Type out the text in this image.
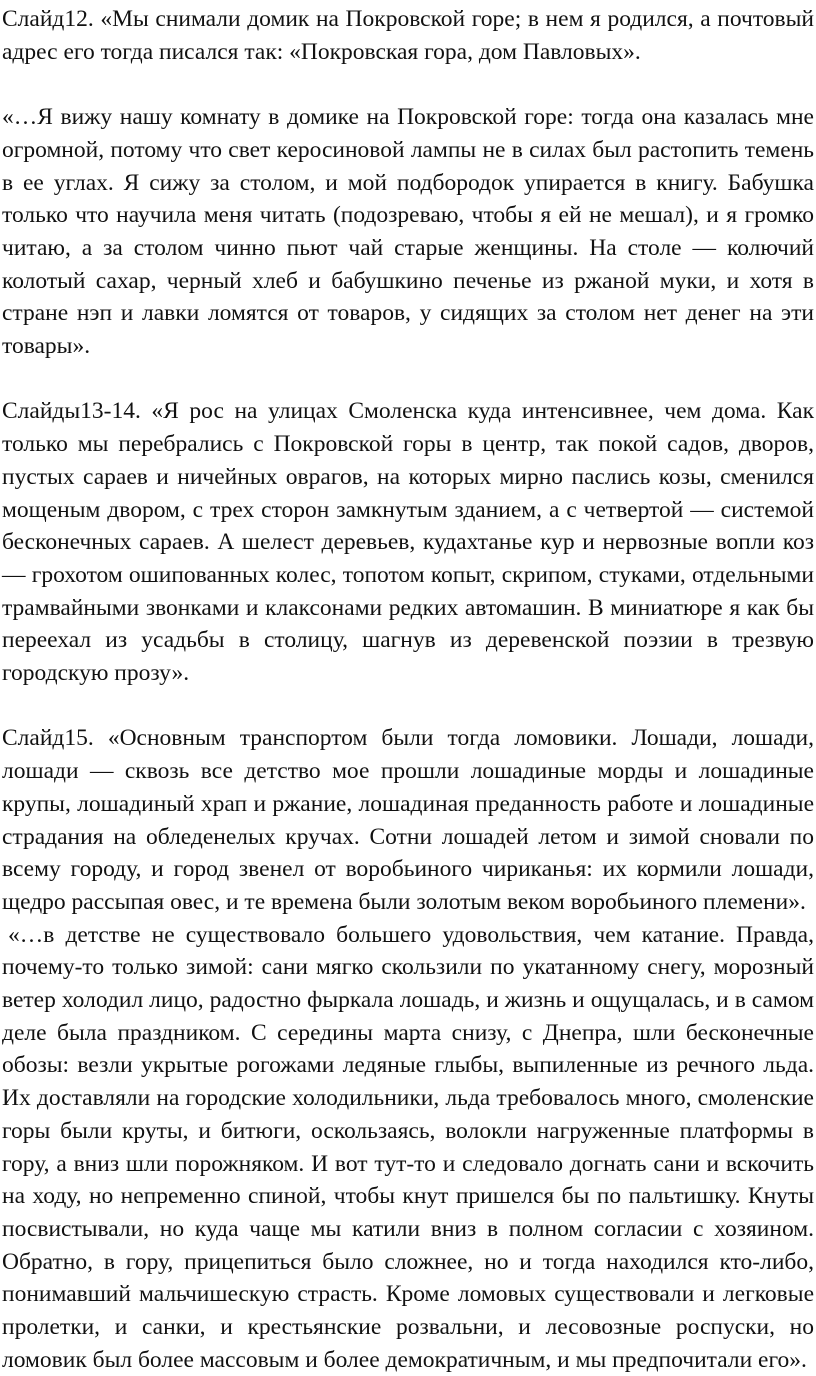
Слайд12. «Мы снимали домик на Покровской горе; в нем я родился, а почтовый адрес его тогда писался так: «Покровская гора, дом Павловых».

«…Я вижу нашу комнату в домике на Покровской горе: тогда она казалась мне огромной, потому что свет керосиновой лампы не в силах был растопить темень в ее углах. Я сижу за столом, и мой подбородок упирается в книгу. Бабушка только что научила меня читать (подозреваю, чтобы я ей не мешал), и я громко читаю, а за столом чинно пьют чай старые женщины. На столе — колючий колотый сахар, черный хлеб и бабушкино печенье из ржаной муки, и хотя в стране нэп и лавки ломятся от товаров, у сидящих за столом нет денег на эти товары».

Слайды13-14. «Я рос на улицах Смоленска куда интенсивнее, чем дома. Как только мы перебрались с Покровской горы в центр, так покой садов, дворов, пустых сараев и ничейных оврагов, на которых мирно паслись козы, сменился мощеным двором, с трех сторон замкнутым зданием, а с четвертой — системой бесконечных сараев. А шелест деревьев, кудахтанье кур и нервозные вопли коз — грохотом ошипованных колес, топотом копыт, скрипом, стуками, отдельными трамвайными звонками и клаксонами редких автомашин. В миниатюре я как бы переехал из усадьбы в столицу, шагнув из деревенской поэзии в трезвую городскую прозу».

Слайд15. «Основным транспортом были тогда ломовики. Лошади, лошади, лошади — сквозь все детство мое прошли лошадиные морды и лошадиные крупы, лошадиный храп и ржание, лошадиная преданность работе и лошадиные страдания на обледенелых кручах. Сотни лошадей летом и зимой сновали по всему городу, и город звенел от воробьиного чириканья: их кормили лошади, щедро рассыпая овес, и те времена были золотым веком воробьиного племени».

«…в детстве не существовало большего удовольствия, чем катание. Правда, почему-то только зимой: сани мягко скользили по укатанному снегу, морозный ветер холодил лицо, радостно фыркала лошадь, и жизнь и ощущалась, и в самом деле была праздником. С середины марта снизу, с Днепра, шли бесконечные обозы: везли укрытые рогожами ледяные глыбы, выпиленные из речного льда. Их доставляли на городские холодильники, льда требовалось много, смоленские горы были круты, и битюги, оскользаясь, волокли нагруженные платформы в гору, а вниз шли порожняком. И вот тут-то и следовало догнать сани и вскочить на ходу, но непременно спиной, чтобы кнут пришелся бы по пальтишку. Кнуты посвистывали, но куда чаще мы катили вниз в полном согласии с хозяином. Обратно, в гору, прицепиться было сложнее, но и тогда находился кто-либо, понимавший мальчишескую страсть. Кроме ломовых существовали и легковые пролетки, и санки, и крестьянские розвальни, и лесовозные роспуски, но ломовик был более массовым и более демократичным, и мы предпочитали его».
